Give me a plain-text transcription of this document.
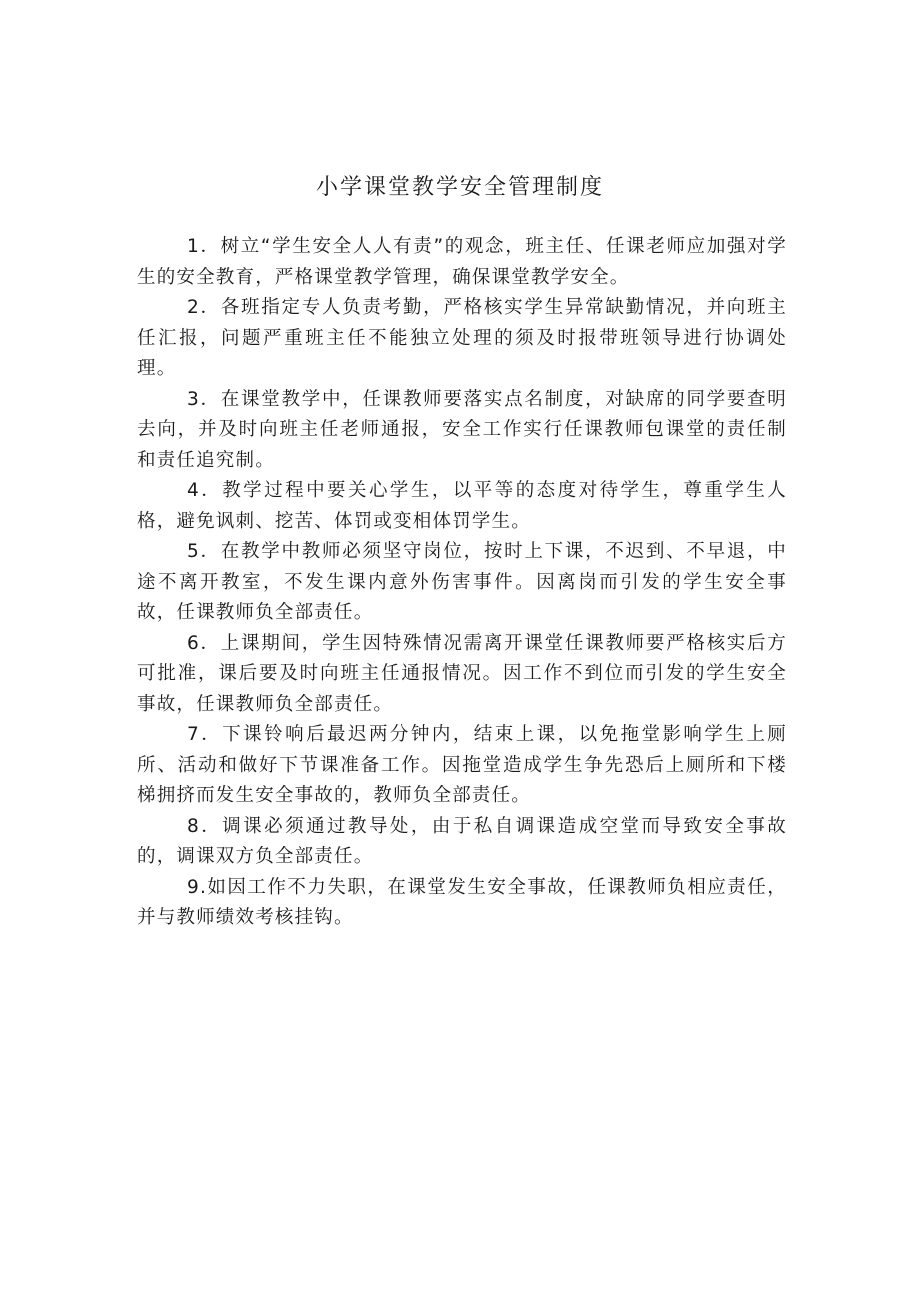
小学课堂教学安全管理制度

1．树立“学生安全人人有责”的观念，班主任、任课老师应加强对学生的安全教育，严格课堂教学管理，确保课堂教学安全。

2．各班指定专人负责考勤，严格核实学生异常缺勤情况，并向班主任汇报，问题严重班主任不能独立处理的须及时报带班领导进行协调处理。

3．在课堂教学中，任课教师要落实点名制度，对缺席的同学要查明去向，并及时向班主任老师通报，安全工作实行任课教师包课堂的责任制和责任追究制。

4．教学过程中要关心学生，以平等的态度对待学生，尊重学生人格，避免讽刺、挖苦、体罚或变相体罚学生。

5．在教学中教师必须坚守岗位，按时上下课，不迟到、不早退，中途不离开教室，不发生课内意外伤害事件。因离岗而引发的学生安全事故，任课教师负全部责任。

6．上课期间，学生因特殊情况需离开课堂任课教师要严格核实后方可批准，课后要及时向班主任通报情况。因工作不到位而引发的学生安全事故，任课教师负全部责任。

7．下课铃响后最迟两分钟内，结束上课，以免拖堂影响学生上厕所、活动和做好下节课准备工作。因拖堂造成学生争先恐后上厕所和下楼梯拥挤而发生安全事故的，教师负全部责任。

8．调课必须通过教导处，由于私自调课造成空堂而导致安全事故的，调课双方负全部责任。

9.如因工作不力失职，在课堂发生安全事故，任课教师负相应责任，并与教师绩效考核挂钩。
